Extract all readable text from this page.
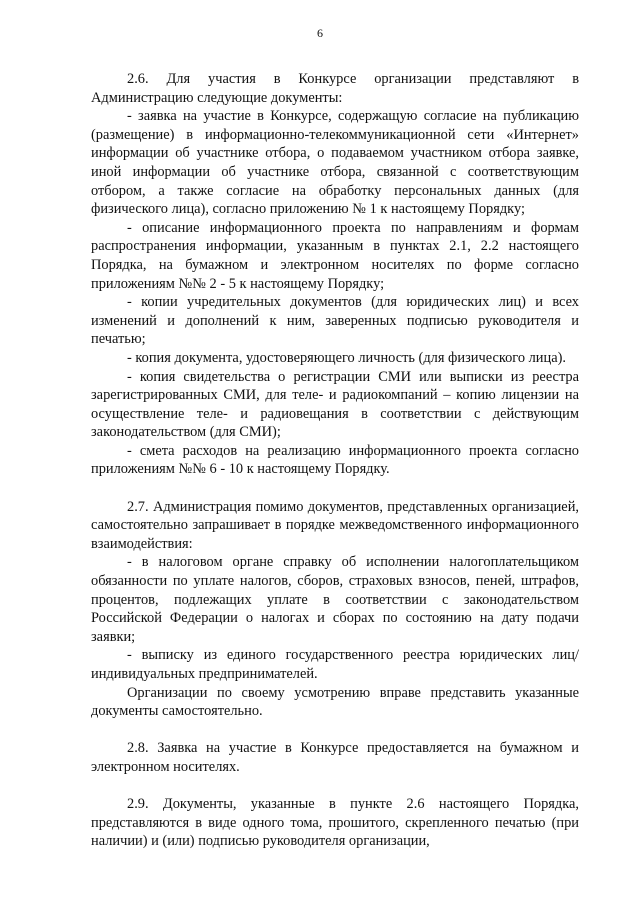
6

2.6. Для участия в Конкурсе организации представляют в Администрацию следующие документы:

- заявка на участие в Конкурсе, содержащую согласие на публикацию (размещение) в информационно-телекоммуникационной сети «Интернет» информации об участнике отбора, о подаваемом участником отбора заявке, иной информации об участнике отбора, связанной с соответствующим отбором, а также согласие на обработку персональных данных (для физического лица), согласно приложению № 1 к настоящему Порядку;

- описание информационного проекта по направлениям и формам распространения информации, указанным в пунктах 2.1, 2.2 настоящего Порядка, на бумажном и электронном носителях по форме согласно приложениям №№ 2 - 5 к настоящему Порядку;

- копии учредительных документов (для юридических лиц) и всех изменений и дополнений к ним, заверенных подписью руководителя и печатью;

- копия документа, удостоверяющего личность (для физического лица).

- копия свидетельства о регистрации СМИ или выписки из реестра зарегистрированных СМИ, для теле- и радиокомпаний – копию лицензии на осуществление теле- и радиовещания в соответствии с действующим законодательством (для СМИ);

- смета расходов на реализацию информационного проекта согласно приложениям №№ 6 - 10 к настоящему Порядку.

2.7. Администрация помимо документов, представленных организацией, самостоятельно запрашивает в порядке межведомственного информационного взаимодействия:

- в налоговом органе справку об исполнении налогоплательщиком обязанности по уплате налогов, сборов, страховых взносов, пеней, штрафов, процентов, подлежащих уплате в соответствии с законодательством Российской Федерации о налогах и сборах по состоянию на дату подачи заявки;

- выписку из единого государственного реестра юридических лиц/индивидуальных предпринимателей.

Организации по своему усмотрению вправе представить указанные документы самостоятельно.

2.8. Заявка на участие в Конкурсе предоставляется на бумажном и электронном носителях.

2.9. Документы, указанные в пункте 2.6 настоящего Порядка, представляются в виде одного тома, прошитого, скрепленного печатью (при наличии) и (или) подписью руководителя организации,
